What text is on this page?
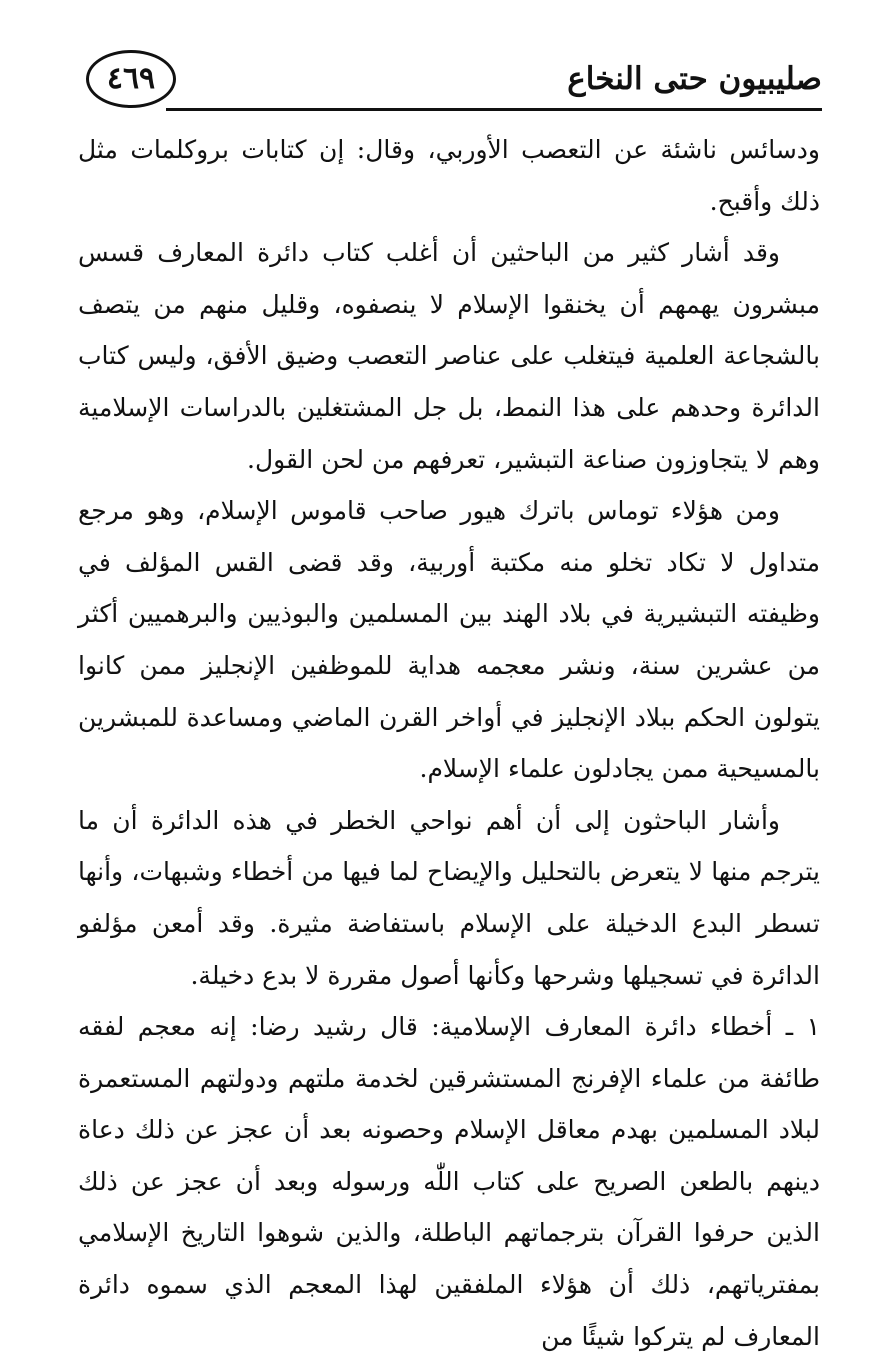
صليبيون حتى النخاع
٤٦٩

ودسائس ناشئة عن التعصب الأوربي، وقال: إن كتابات بروكلمات مثل ذلك وأقبح.

وقد أشار كثير من الباحثين أن أغلب كتاب دائرة المعارف قسس مبشرون يهمهم أن يخنقوا الإسلام لا ينصفوه، وقليل منهم من يتصف بالشجاعة العلمية فيتغلب على عناصر التعصب وضيق الأفق، وليس كتاب الدائرة وحدهم على هذا النمط، بل جل المشتغلين بالدراسات الإسلامية وهم لا يتجاوزون صناعة التبشير، تعرفهم من لحن القول.

ومن هؤلاء توماس باترك هيور صاحب قاموس الإسلام، وهو مرجع متداول لا تكاد تخلو منه مكتبة أوربية، وقد قضى القس المؤلف في وظيفته التبشيرية في بلاد الهند بين المسلمين والبوذيين والبرهميين أكثر من عشرين سنة، ونشر معجمه هداية للموظفين الإنجليز ممن كانوا يتولون الحكم ببلاد الإنجليز في أواخر القرن الماضي ومساعدة للمبشرين بالمسيحية ممن يجادلون علماء الإسلام.

وأشار الباحثون إلى أن أهم نواحي الخطر في هذه الدائرة أن ما يترجم منها لا يتعرض بالتحليل والإيضاح لما فيها من أخطاء وشبهات، وأنها تسطر البدع الدخيلة على الإسلام باستفاضة مثيرة. وقد أمعن مؤلفو الدائرة في تسجيلها وشرحها وكأنها أصول مقررة لا بدع دخيلة.

١ ـ أخطاء دائرة المعارف الإسلامية: قال رشيد رضا: إنه معجم لفقه طائفة من علماء الإفرنج المستشرقين لخدمة ملتهم ودولتهم المستعمرة لبلاد المسلمين بهدم معاقل الإسلام وحصونه بعد أن عجز عن ذلك دعاة دينهم بالطعن الصريح على كتاب اللّٰه ورسوله وبعد أن عجز عن ذلك الذين حرفوا القرآن بترجماتهم الباطلة، والذين شوهوا التاريخ الإسلامي بمفترياتهم، ذلك أن هؤلاء الملفقين لهذا المعجم الذي سموه دائرة المعارف لم يتركوا شيئًا من
